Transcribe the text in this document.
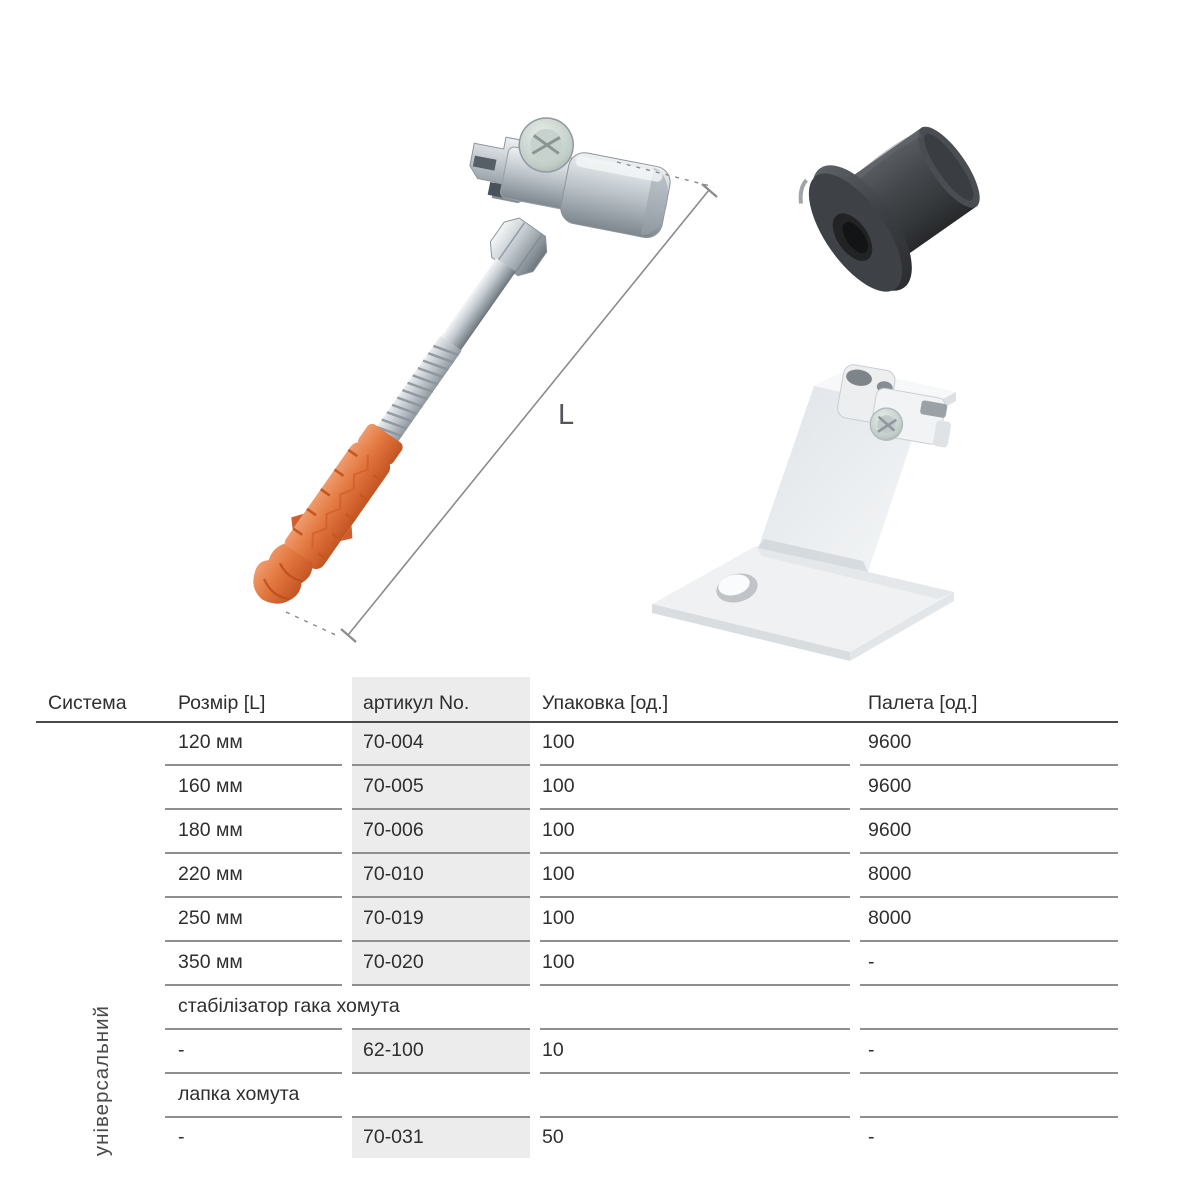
L
Система	Розмір [L]	артикул No.	Упаковка [од.]	Палета [од.]
універсальний
120 мм	70-004	100	9600
160 мм	70-005	100	9600
180 мм	70-006	100	9600
220 мм	70-010	100	8000
250 мм	70-019	100	8000
350 мм	70-020	100	-
стабілізатор гака хомута
-	62-100	10	-
лапка хомута
-	70-031	50	-
